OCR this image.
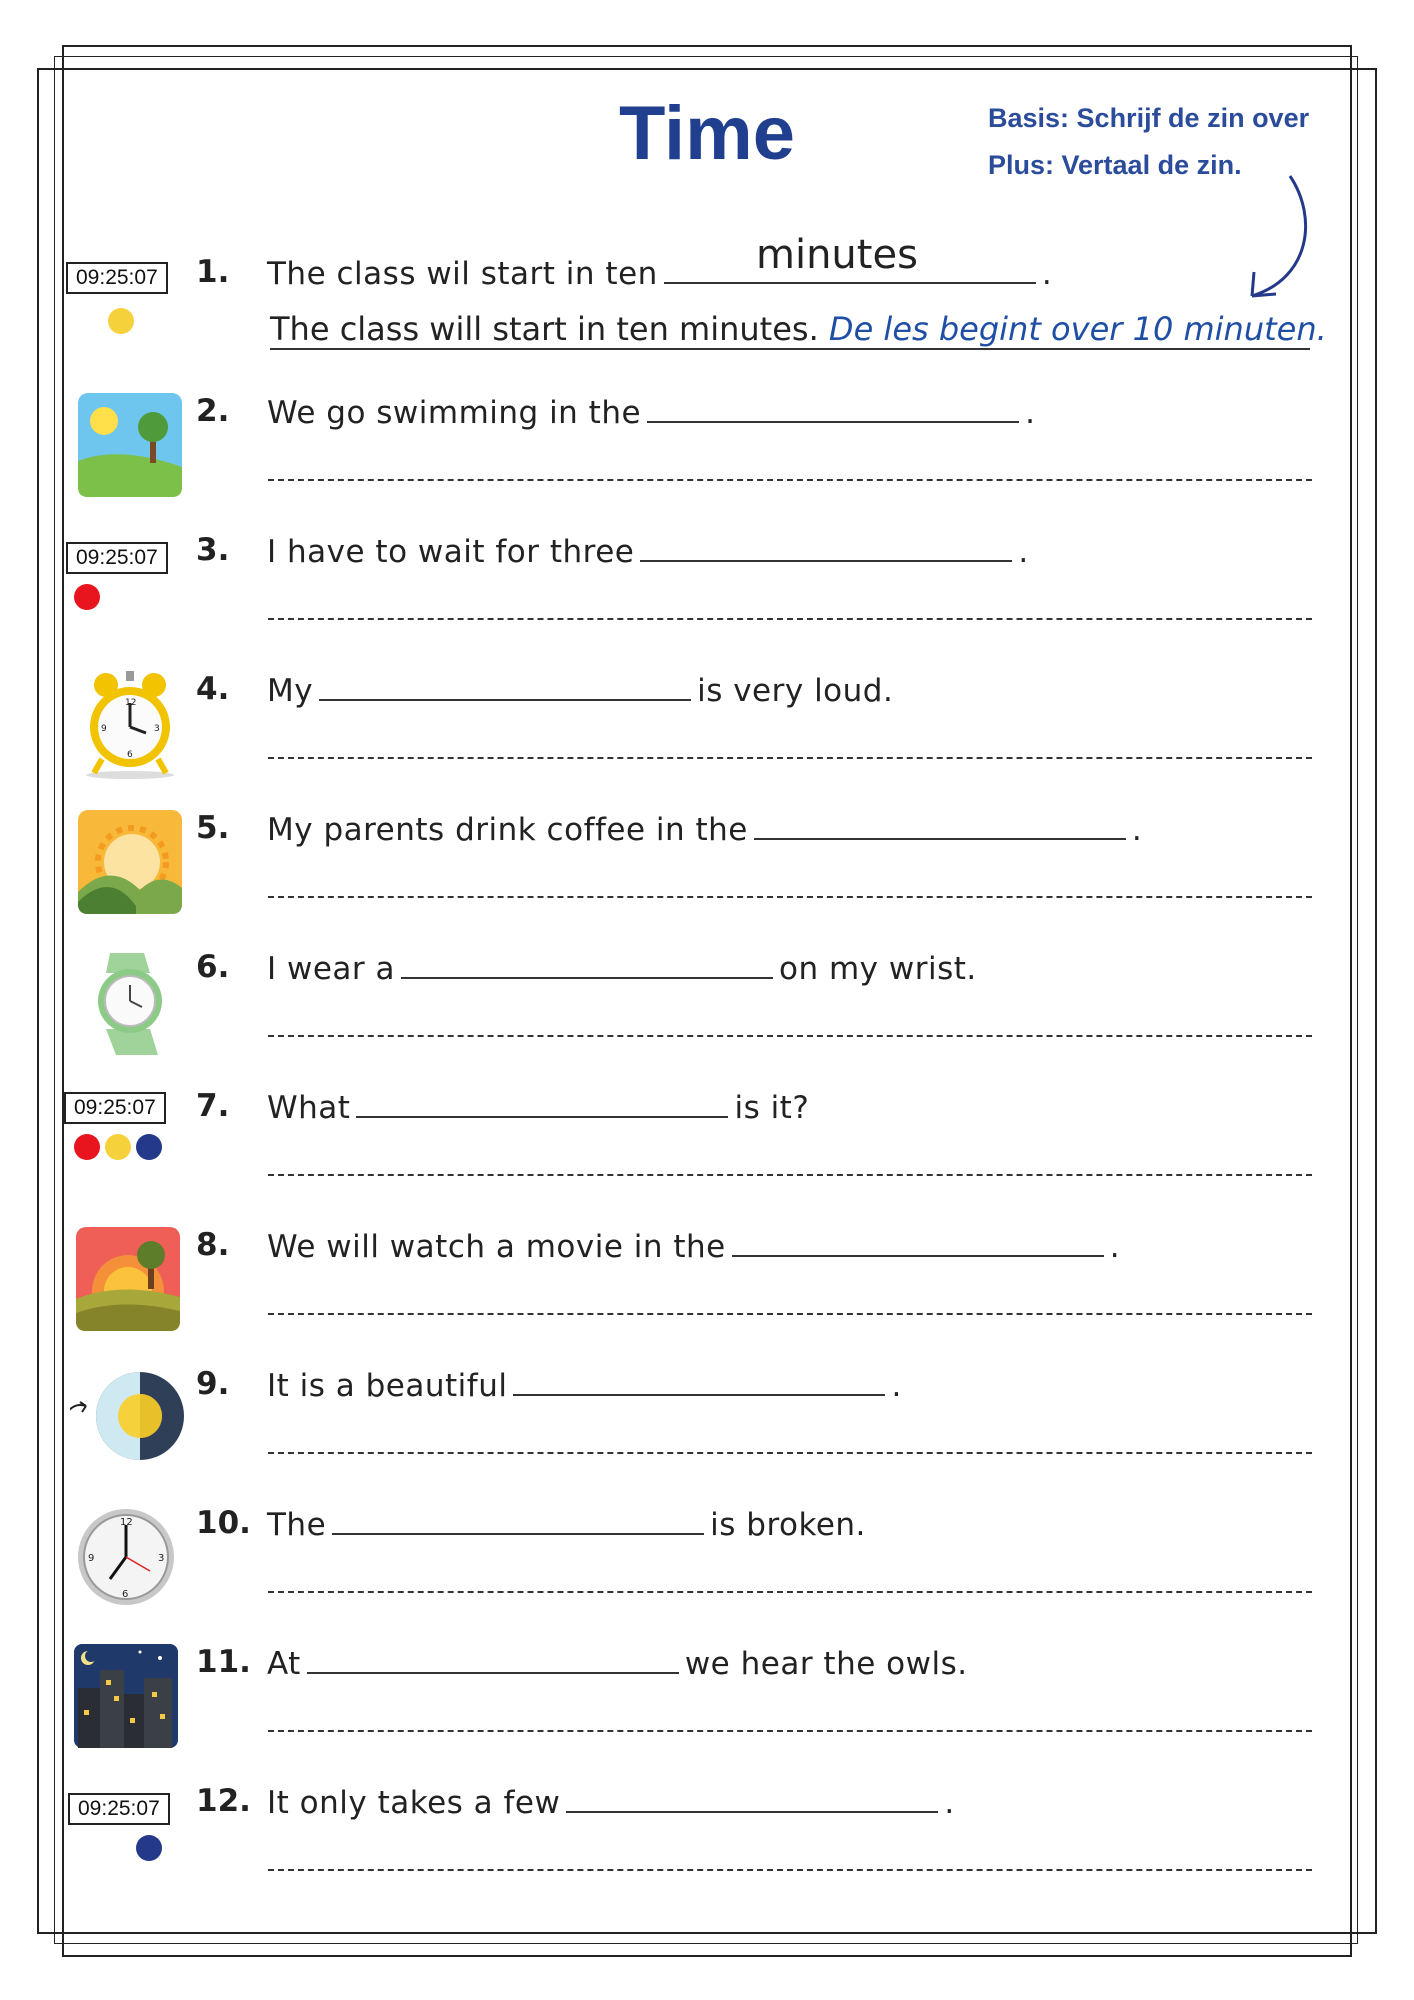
Time	Basis: Schrijf de zin over
Plus: Vertaal de zin.
09:25:07	1. The class wil start in ten	.
minutes
The class will start in ten minutes. De les begint over 10 minuten.
2. We go swimming in the	.
09:25:07	3. I have to wait for three	.
12
3
6
9
4. My	is very loud.
5. My parents drink coffee in the	.
6. I wear a	on my wrist.
09:25:07	7. What	is it?
8. We will watch a movie in the	.
9. It is a beautiful	.
12
3
6
9
10. The	is broken.
11. At	we hear the owls.
09:25:07	12. It only takes a few	.
